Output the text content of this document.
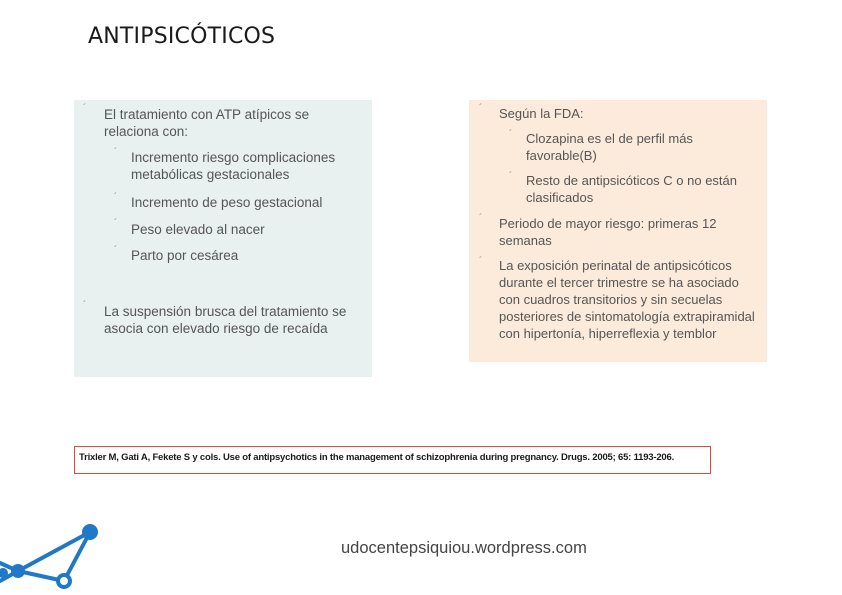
ANTIPSICÓTICOS
´ El tratamiento con ATP atípicos se relaciona con:
´ Incremento riesgo complicaciones metabólicas gestacionales
´ Incremento de peso gestacional
´ Peso elevado al nacer
´ Parto por cesárea
´ La suspensión brusca del tratamiento se asocia con elevado riesgo de recaída
´ Según la FDA:
´ Clozapina es el de perfil más favorable(B)
´ Resto de antipsicóticos C o no están clasificados
´ Periodo de mayor riesgo: primeras 12 semanas
´ La exposición perinatal de antipsicóticos durante el tercer trimestre se ha asociado con cuadros transitorios y sin secuelas posteriores de sintomatología extrapiramidal con hipertonía, hiperreflexia y temblor
Trixler M, Gati A, Fekete S y cols. Use of antipsychotics in the management of schizophrenia during pregnancy. Drugs. 2005; 65: 1193-206.
udocentepsiquiou.wordpress.com
